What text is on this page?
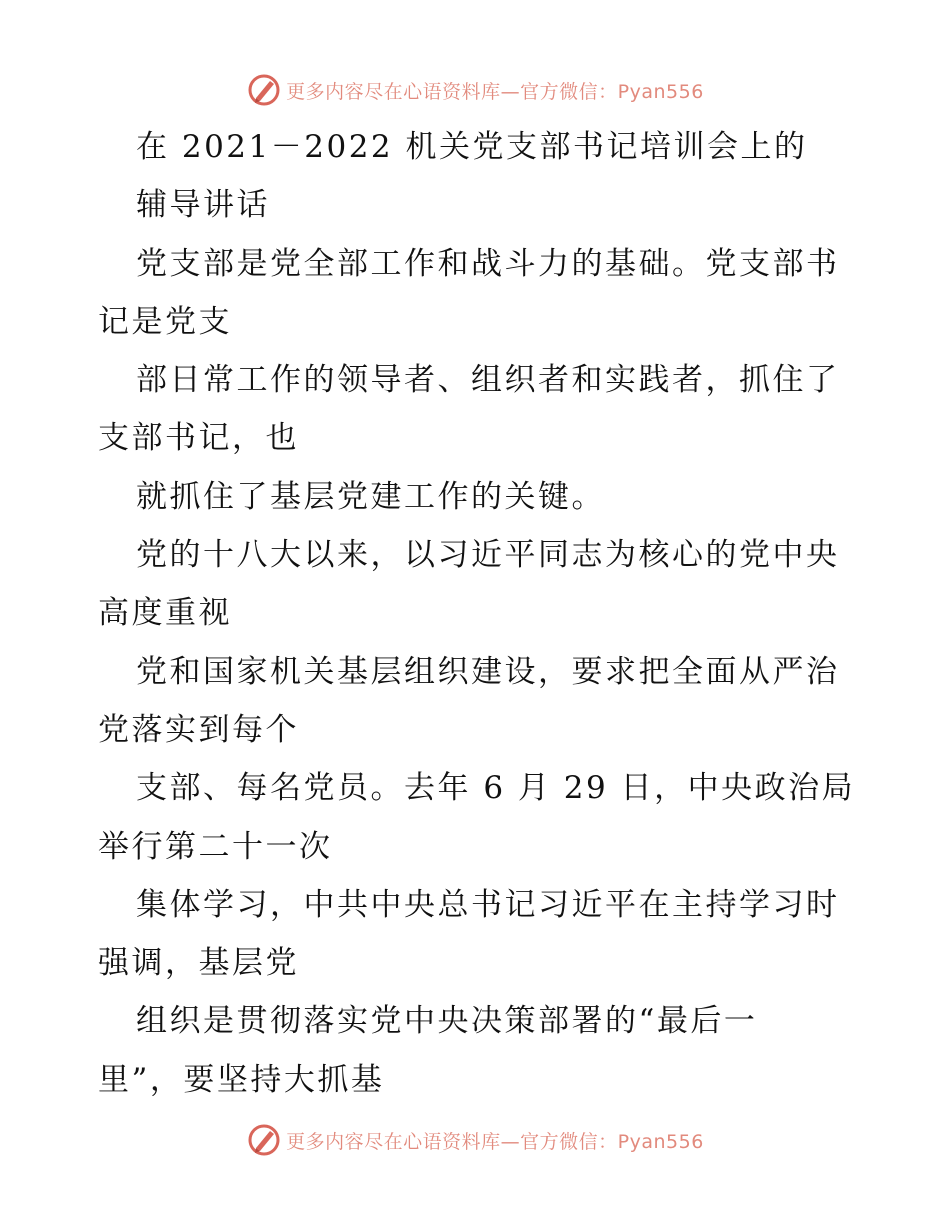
更多内容尽在心语资料库—官方微信：Pyan556
在 2021－2022 机关党支部书记培训会上的
辅导讲话
党支部是党全部工作和战斗力的基础。党支部书
记是党支
部日常工作的领导者、组织者和实践者，抓住了
支部书记，也
就抓住了基层党建工作的关键。
党的十八大以来，以习近平同志为核心的党中央
高度重视
党和国家机关基层组织建设，要求把全面从严治
党落实到每个
支部、每名党员。去年 6 月 29 日，中央政治局
举行第二十一次
集体学习，中共中央总书记习近平在主持学习时
强调，基层党
组织是贯彻落实党中央决策部署的“最后一
里”，要坚持大抓基
更多内容尽在心语资料库—官方微信：Pyan556
